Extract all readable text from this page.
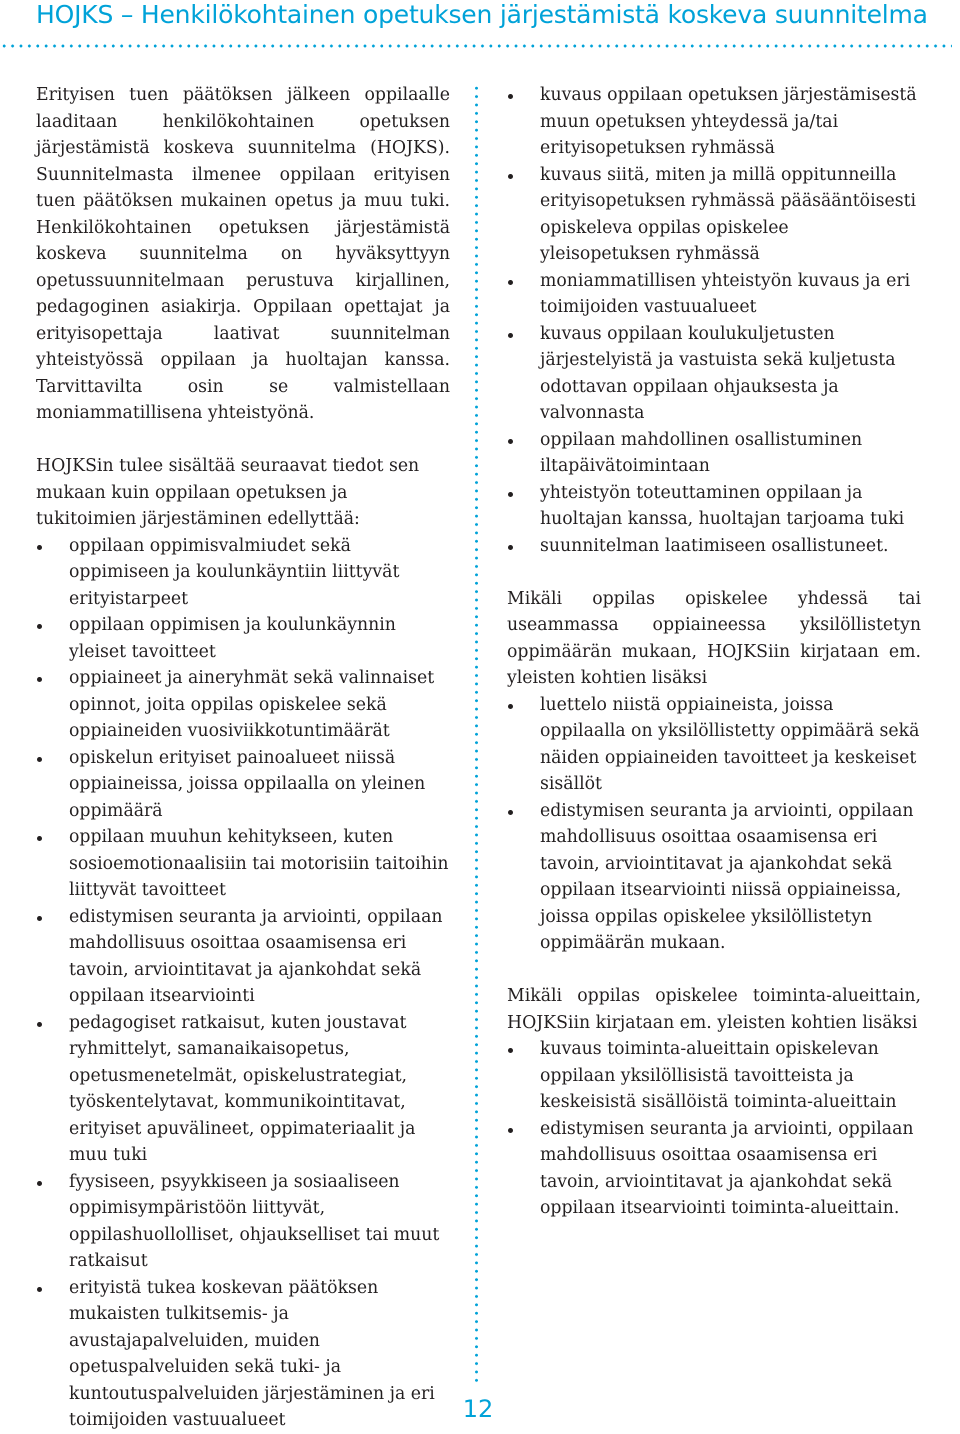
HOJKS – Henkilökohtainen opetuksen järjestämistä koskeva suunnitelma

Erityisen tuen päätöksen jälkeen oppilaalle laaditaan henkilökohtainen opetuksen järjestämistä koskeva suunnitelma (HOJKS). Suunnitelmasta ilmenee oppilaan erityisen tuen päätöksen mukainen opetus ja muu tuki. Henkilökohtainen opetuksen järjestämistä koskeva suunnitelma on hyväksyttyyn opetussuunnitelmaan perustuva kirjallinen, pedagoginen asiakirja. Oppilaan opettajat ja erityisopettaja laativat suunnitelman yhteistyössä oppilaan ja huoltajan kanssa. Tarvittavilta osin se valmistellaan moniammatillisena yhteistyönä.

HOJKSin tulee sisältää seuraavat tiedot sen mukaan kuin oppilaan opetuksen ja tukitoimien järjestäminen edellyttää:

oppilaan oppimisvalmiudet sekä oppimiseen ja koulunkäyntiin liittyvät erityistarpeet
oppilaan oppimisen ja koulunkäynnin yleiset tavoitteet
oppiaineet ja aineryhmät sekä valinnaiset opinnot, joita oppilas opiskelee sekä oppiaineiden vuosiviikkotuntimäärät
opiskelun erityiset painoalueet niissä oppiaineissa, joissa oppilaalla on yleinen oppimäärä
oppilaan muuhun kehitykseen, kuten sosioemotionaalisiin tai motorisiin taitoihin liittyvät tavoitteet
edistymisen seuranta ja arviointi, oppilaan mahdollisuus osoittaa osaamisensa eri tavoin, arviointitavat ja ajankohdat sekä oppilaan itsearviointi
pedagogiset ratkaisut, kuten joustavat ryhmittelyt, samanaikaisopetus, opetusmenetelmät, opiskelustrategiat, työskentelytavat, kommunikointitavat, erityiset apuvälineet, oppimateriaalit ja muu tuki
fyysiseen, psyykkiseen ja sosiaaliseen oppimisympäristöön liittyvät, oppilashuollolliset, ohjaukselliset tai muut ratkaisut
erityistä tukea koskevan päätöksen mukaisten tulkitsemis- ja avustajapalveluiden, muiden opetuspalveluiden sekä tuki- ja kuntoutuspalveluiden järjestäminen ja eri toimijoiden vastuualueet
kuvaus oppilaan opetuksen järjestämisestä muun opetuksen yhteydessä ja/tai erityisopetuksen ryhmässä
kuvaus siitä, miten ja millä oppitunneilla erityisopetuksen ryhmässä pääsääntöisesti opiskeleva oppilas opiskelee yleisopetuksen ryhmässä
moniammatillisen yhteistyön kuvaus ja eri toimijoiden vastuualueet
kuvaus oppilaan koulukuljetusten järjestelyistä ja vastuista sekä kuljetusta odottavan oppilaan ohjauksesta ja valvonnasta
oppilaan mahdollinen osallistuminen iltapäivätoimintaan
yhteistyön toteuttaminen oppilaan ja huoltajan kanssa, huoltajan tarjoama tuki
suunnitelman laatimiseen osallistuneet.

Mikäli oppilas opiskelee yhdessä tai useammassa oppiaineessa yksilöllistetyn oppimäärän mukaan, HOJKSiin kirjataan em. yleisten kohtien lisäksi

luettelo niistä oppiaineista, joissa oppilaalla on yksilöllistetty oppimäärä sekä näiden oppiaineiden tavoitteet ja keskeiset sisällöt
edistymisen seuranta ja arviointi, oppilaan mahdollisuus osoittaa osaamisensa eri tavoin, arviointitavat ja ajankohdat sekä oppilaan itsearviointi niissä oppiaineissa, joissa oppilas opiskelee yksilöllistetyn oppimäärän mukaan.

Mikäli oppilas opiskelee toiminta-alueittain, HOJKSiin kirjataan em. yleisten kohtien lisäksi

kuvaus toiminta-alueittain opiskelevan oppilaan yksilöllisistä tavoitteista ja keskeisistä sisällöistä toiminta-alueittain
edistymisen seuranta ja arviointi, oppilaan mahdollisuus osoittaa osaamisensa eri tavoin, arviointitavat ja ajankohdat sekä oppilaan itsearviointi toiminta-alueittain.
12
